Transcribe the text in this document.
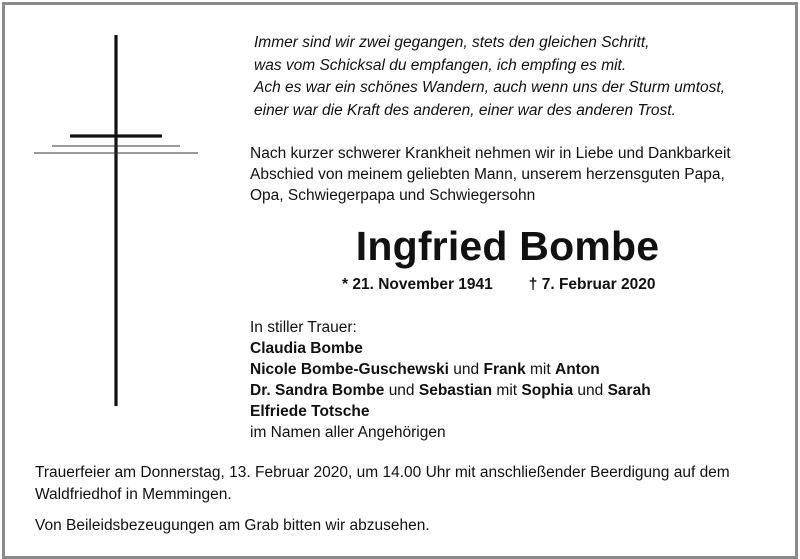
Immer sind wir zwei gegangen, stets den gleichen Schritt,
was vom Schicksal du empfangen, ich empfing es mit.
Ach es war ein schönes Wandern, auch wenn uns der Sturm umtost,
einer war die Kraft des anderen, einer war des anderen Trost.
Nach kurzer schwerer Krankheit nehmen wir in Liebe und Dankbarkeit
Abschied von meinem geliebten Mann, unserem herzensguten Papa,
Opa, Schwiegerpapa und Schwiegersohn
Ingfried Bombe
* 21. November 1941 † 7. Februar 2020
In stiller Trauer:
Claudia Bombe
Nicole Bombe-Guschewski und Frank mit Anton
Dr. Sandra Bombe und Sebastian mit Sophia und Sarah
Elfriede Totsche
im Namen aller Angehörigen
Trauerfeier am Donnerstag, 13. Februar 2020, um 14.00 Uhr mit anschließender Beerdigung auf dem
Waldfriedhof in Memmingen.
Von Beileidsbezeugungen am Grab bitten wir abzusehen.
